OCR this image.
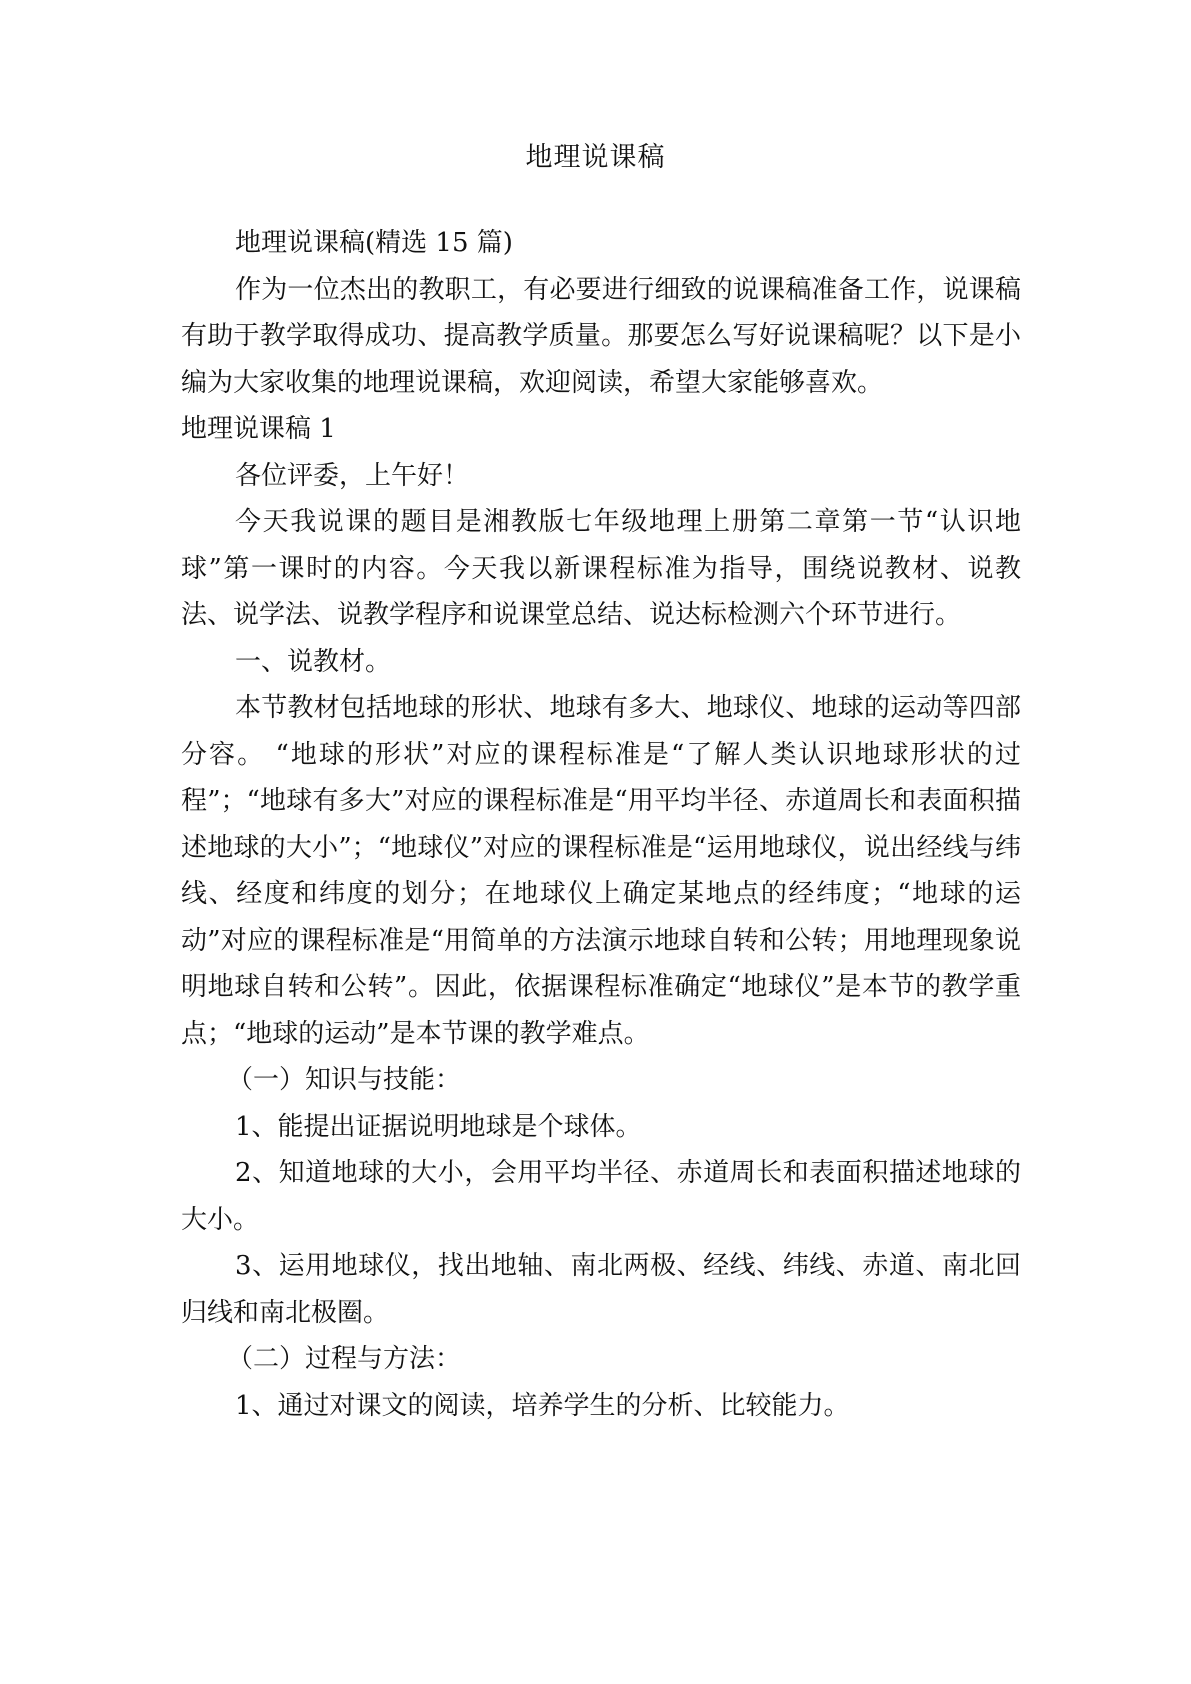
地理说课稿

地理说课稿(精选 15 篇)

作为一位杰出的教职工，有必要进行细致的说课稿准备工作，说课稿有助于教学取得成功、提高教学质量。那要怎么写好说课稿呢？以下是小编为大家收集的地理说课稿，欢迎阅读，希望大家能够喜欢。

地理说课稿 1

各位评委，上午好！

今天我说课的题目是湘教版七年级地理上册第二章第一节“认识地球”第一课时的内容。今天我以新课程标准为指导，围绕说教材、说教法、说学法、说教学程序和说课堂总结、说达标检测六个环节进行。

一、说教材。

本节教材包括地球的形状、地球有多大、地球仪、地球的运动等四部分容。 “地球的形状”对应的课程标准是“了解人类认识地球形状的过程”；“地球有多大”对应的课程标准是“用平均半径、赤道周长和表面积描述地球的大小”；“地球仪”对应的课程标准是“运用地球仪，说出经线与纬线、经度和纬度的划分；在地球仪上确定某地点的经纬度；“地球的运动”对应的课程标准是“用简单的方法演示地球自转和公转；用地理现象说明地球自转和公转”。因此，依据课程标准确定“地球仪”是本节的教学重点；“地球的运动”是本节课的教学难点。

（一）知识与技能：

1、能提出证据说明地球是个球体。

2、知道地球的大小，会用平均半径、赤道周长和表面积描述地球的大小。

3、运用地球仪，找出地轴、南北两极、经线、纬线、赤道、南北回归线和南北极圈。

（二）过程与方法：

1、通过对课文的阅读，培养学生的分析、比较能力。
